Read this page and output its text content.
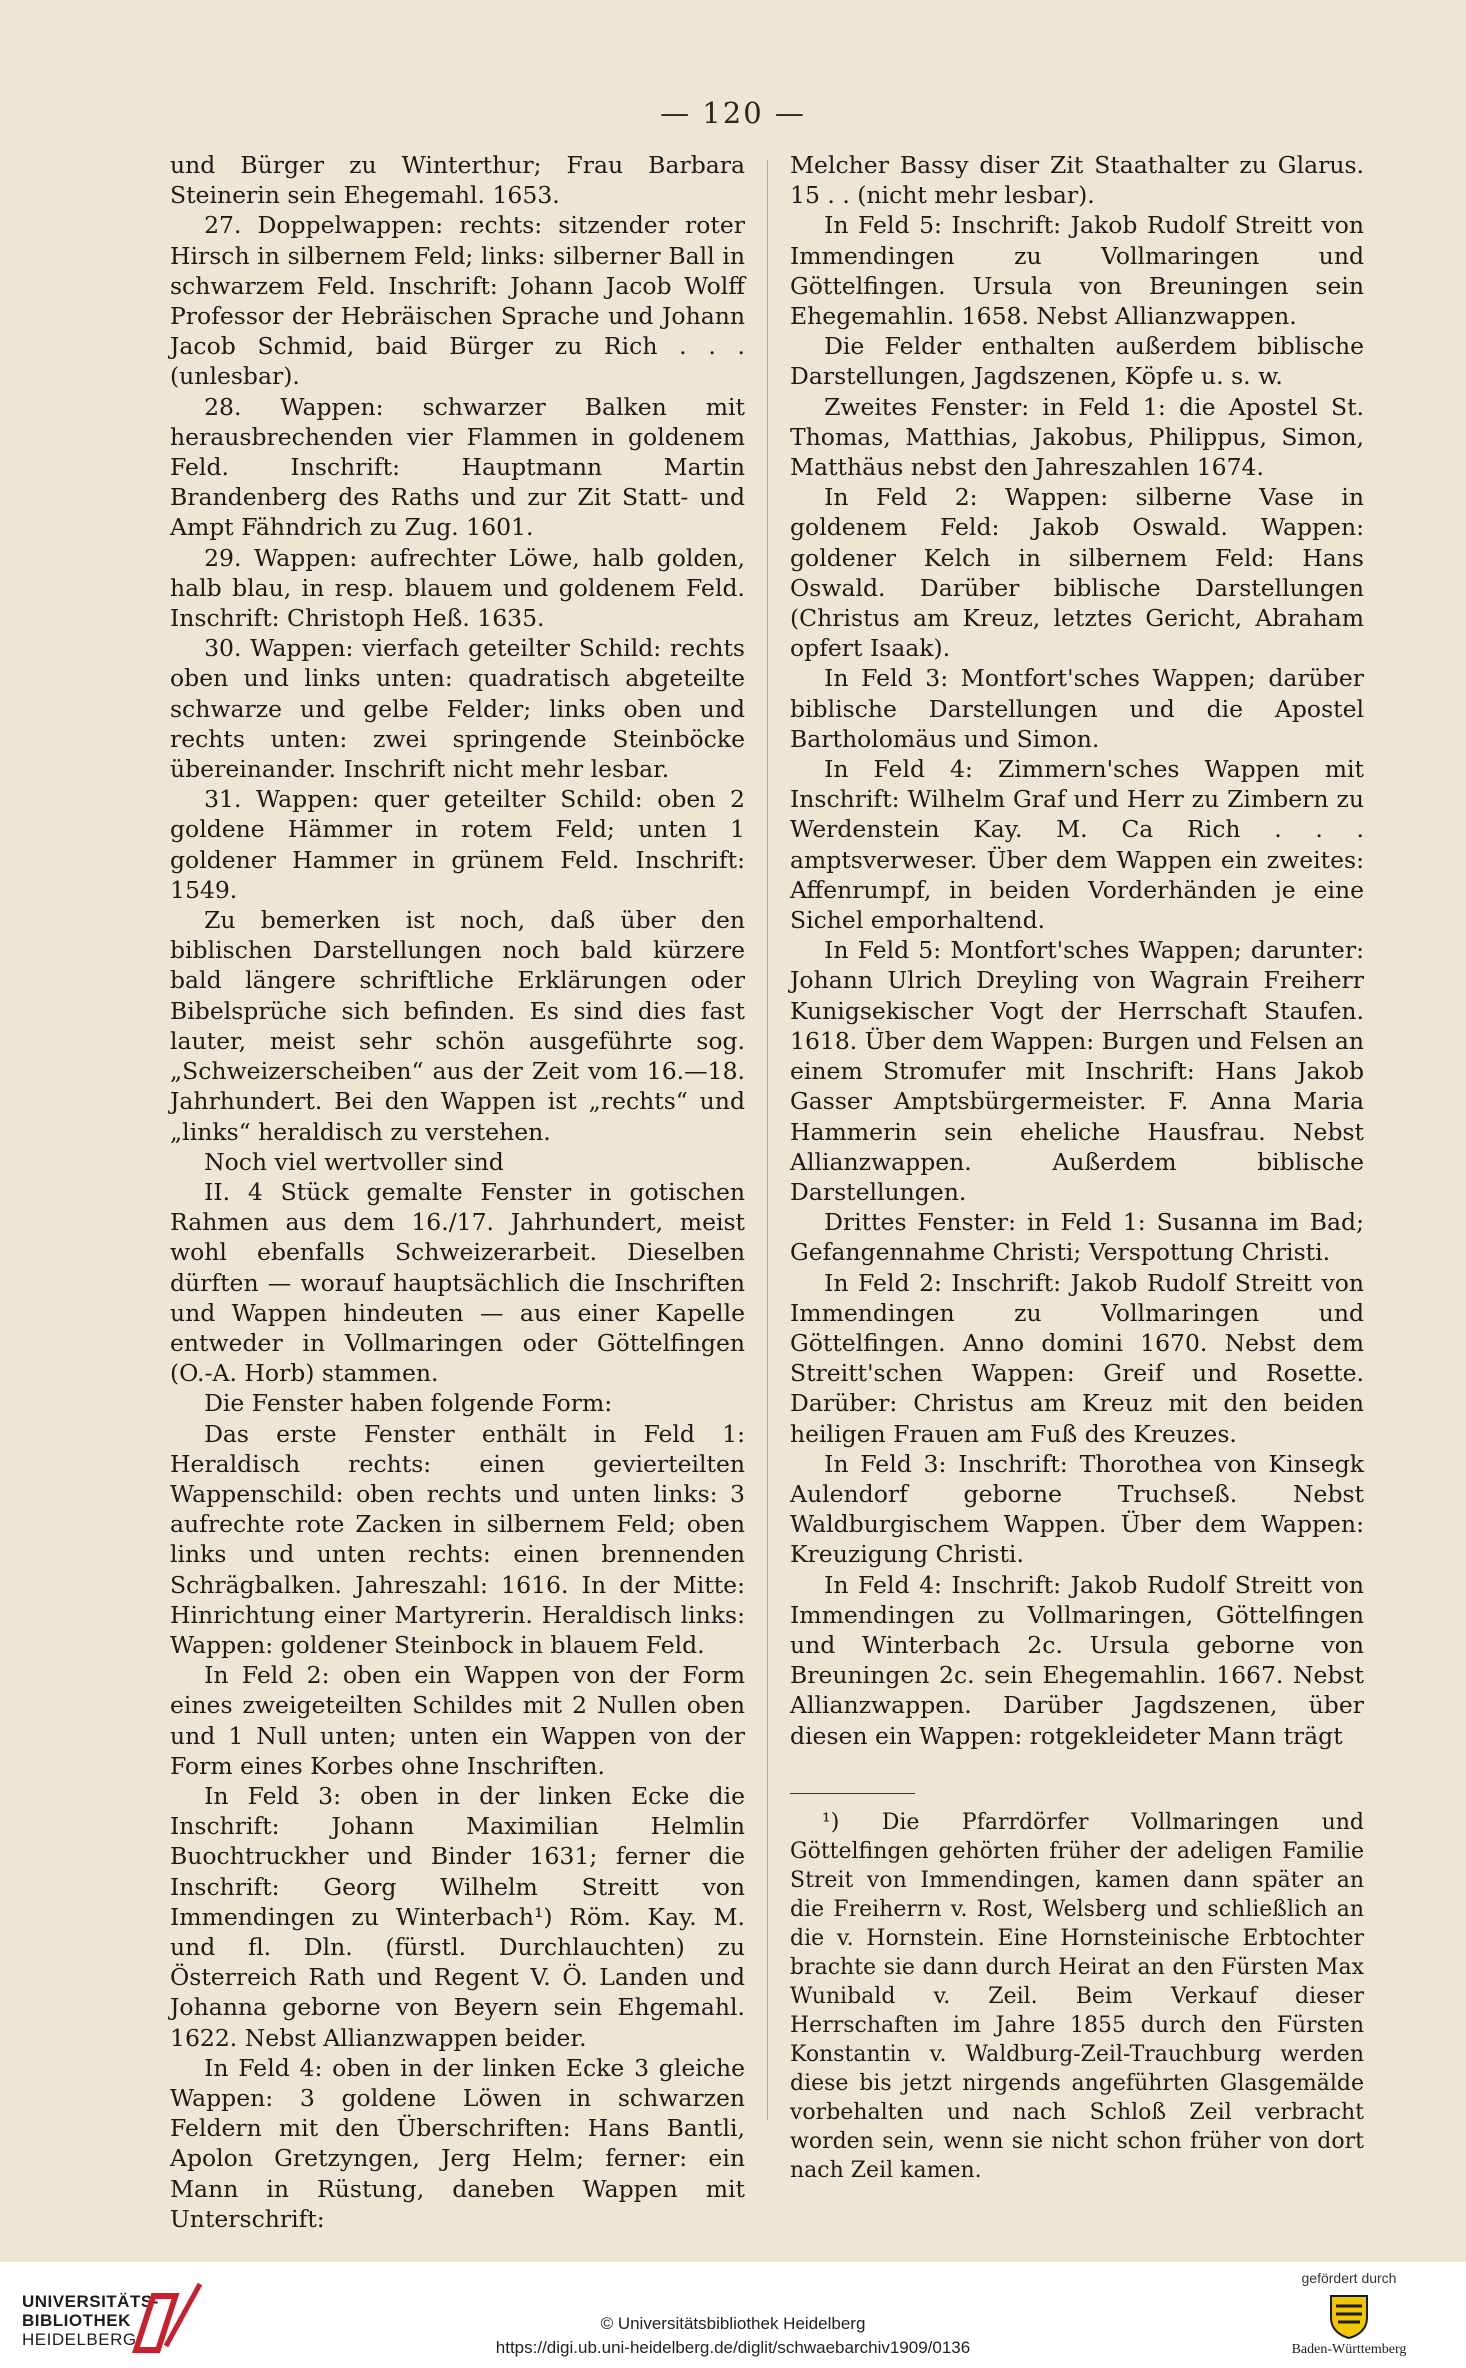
— 120 —

und Bürger zu Winterthur; Frau Barbara Steinerin sein Ehegemahl. 1653.

27. Doppelwappen: rechts: sitzender roter Hirsch in silbernem Feld; links: silberner Ball in schwarzem Feld. Inschrift: Johann Jacob Wolff Professor der Hebräischen Sprache und Johann Jacob Schmid, baid Bürger zu Rich . . . (unlesbar).

28. Wappen: schwarzer Balken mit herausbrechenden vier Flammen in goldenem Feld. Inschrift: Hauptmann Martin Brandenberg des Raths und zur Zit Statt- und Ampt Fähndrich zu Zug. 1601.

29. Wappen: aufrechter Löwe, halb golden, halb blau, in resp. blauem und goldenem Feld. Inschrift: Christoph Heß. 1635.

30. Wappen: vierfach geteilter Schild: rechts oben und links unten: quadratisch abgeteilte schwarze und gelbe Felder; links oben und rechts unten: zwei springende Steinböcke übereinander. Inschrift nicht mehr lesbar.

31. Wappen: quer geteilter Schild: oben 2 goldene Hämmer in rotem Feld; unten 1 goldener Hammer in grünem Feld. Inschrift: 1549.

Zu bemerken ist noch, daß über den biblischen Darstellungen noch bald kürzere bald längere schriftliche Erklärungen oder Bibelsprüche sich befinden. Es sind dies fast lauter, meist sehr schön ausgeführte sog. „Schweizerscheiben“ aus der Zeit vom 16.—18. Jahrhundert. Bei den Wappen ist „rechts“ und „links“ heraldisch zu verstehen.

Noch viel wertvoller sind

II. 4 Stück gemalte Fenster in gotischen Rahmen aus dem 16./17. Jahrhundert, meist wohl ebenfalls Schweizerarbeit. Dieselben dürften — worauf hauptsächlich die Inschriften und Wappen hindeuten — aus einer Kapelle entweder in Vollmaringen oder Göttelfingen (O.-A. Horb) stammen.

Die Fenster haben folgende Form:

Das erste Fenster enthält in Feld 1: Heraldisch rechts: einen gevierteilten Wappenschild: oben rechts und unten links: 3 aufrechte rote Zacken in silbernem Feld; oben links und unten rechts: einen brennenden Schrägbalken. Jahreszahl: 1616. In der Mitte: Hinrichtung einer Martyrerin. Heraldisch links: Wappen: goldener Steinbock in blauem Feld.

In Feld 2: oben ein Wappen von der Form eines zweigeteilten Schildes mit 2 Nullen oben und 1 Null unten; unten ein Wappen von der Form eines Korbes ohne Inschriften.

In Feld 3: oben in der linken Ecke die Inschrift: Johann Maximilian Helmlin Buochtruckher und Binder 1631; ferner die Inschrift: Georg Wilhelm Streitt von Immendingen zu Winterbach¹) Röm. Kay. M. und fl. Dln. (fürstl. Durchlauchten) zu Österreich Rath und Regent V. Ö. Landen und Johanna geborne von Beyern sein Ehgemahl. 1622. Nebst Allianzwappen beider.

In Feld 4: oben in der linken Ecke 3 gleiche Wappen: 3 goldene Löwen in schwarzen Feldern mit den Überschriften: Hans Bantli, Apolon Gretzyngen, Jerg Helm; ferner: ein Mann in Rüstung, daneben Wappen mit Unterschrift:

Melcher Bassy diser Zit Staathalter zu Glarus. 15 . . (nicht mehr lesbar).

In Feld 5: Inschrift: Jakob Rudolf Streitt von Immendingen zu Vollmaringen und Göttelfingen. Ursula von Breuningen sein Ehegemahlin. 1658. Nebst Allianzwappen.

Die Felder enthalten außerdem biblische Darstellungen, Jagdszenen, Köpfe u. s. w.

Zweites Fenster: in Feld 1: die Apostel St. Thomas, Matthias, Jakobus, Philippus, Simon, Matthäus nebst den Jahreszahlen 1674.

In Feld 2: Wappen: silberne Vase in goldenem Feld: Jakob Oswald. Wappen: goldener Kelch in silbernem Feld: Hans Oswald. Darüber biblische Darstellungen (Christus am Kreuz, letztes Gericht, Abraham opfert Isaak).

In Feld 3: Montfort'sches Wappen; darüber biblische Darstellungen und die Apostel Bartholomäus und Simon.

In Feld 4: Zimmern'sches Wappen mit Inschrift: Wilhelm Graf und Herr zu Zimbern zu Werdenstein Kay. M. Ca Rich . . . amptsverweser. Über dem Wappen ein zweites: Affenrumpf, in beiden Vorderhänden je eine Sichel emporhaltend.

In Feld 5: Montfort'sches Wappen; darunter: Johann Ulrich Dreyling von Wagrain Freiherr Kunigsekischer Vogt der Herrschaft Staufen. 1618. Über dem Wappen: Burgen und Felsen an einem Stromufer mit Inschrift: Hans Jakob Gasser Amptsbürgermeister. F. Anna Maria Hammerin sein eheliche Hausfrau. Nebst Allianzwappen. Außerdem biblische Darstellungen.

Drittes Fenster: in Feld 1: Susanna im Bad; Gefangennahme Christi; Verspottung Christi.

In Feld 2: Inschrift: Jakob Rudolf Streitt von Immendingen zu Vollmaringen und Göttelfingen. Anno domini 1670. Nebst dem Streitt'schen Wappen: Greif und Rosette. Darüber: Christus am Kreuz mit den beiden heiligen Frauen am Fuß des Kreuzes.

In Feld 3: Inschrift: Thorothea von Kinsegk Aulendorf geborne Truchseß. Nebst Waldburgischem Wappen. Über dem Wappen: Kreuzigung Christi.

In Feld 4: Inschrift: Jakob Rudolf Streitt von Immendingen zu Vollmaringen, Göttelfingen und Winterbach 2c. Ursula geborne von Breuningen 2c. sein Ehegemahlin. 1667. Nebst Allianzwappen. Darüber Jagdszenen, über diesen ein Wappen: rotgekleideter Mann trägt

¹) Die Pfarrdörfer Vollmaringen und Göttelfingen gehörten früher der adeligen Familie Streit von Immendingen, kamen dann später an die Freiherrn v. Rost, Welsberg und schließlich an die v. Hornstein. Eine Hornsteinische Erbtochter brachte sie dann durch Heirat an den Fürsten Max Wunibald v. Zeil. Beim Verkauf dieser Herrschaften im Jahre 1855 durch den Fürsten Konstantin v. Waldburg-Zeil-Trauchburg werden diese bis jetzt nirgends angeführten Glasgemälde vorbehalten und nach Schloß Zeil verbracht worden sein, wenn sie nicht schon früher von dort nach Zeil kamen.

UNIVERSITÄTS-
BIBLIOTHEK
HEIDELBERG
© Universitätsbibliothek Heidelberg
https://digi.ub.uni-heidelberg.de/diglit/schwaebarchiv1909/0136
gefördert durch
Baden-Württemberg
